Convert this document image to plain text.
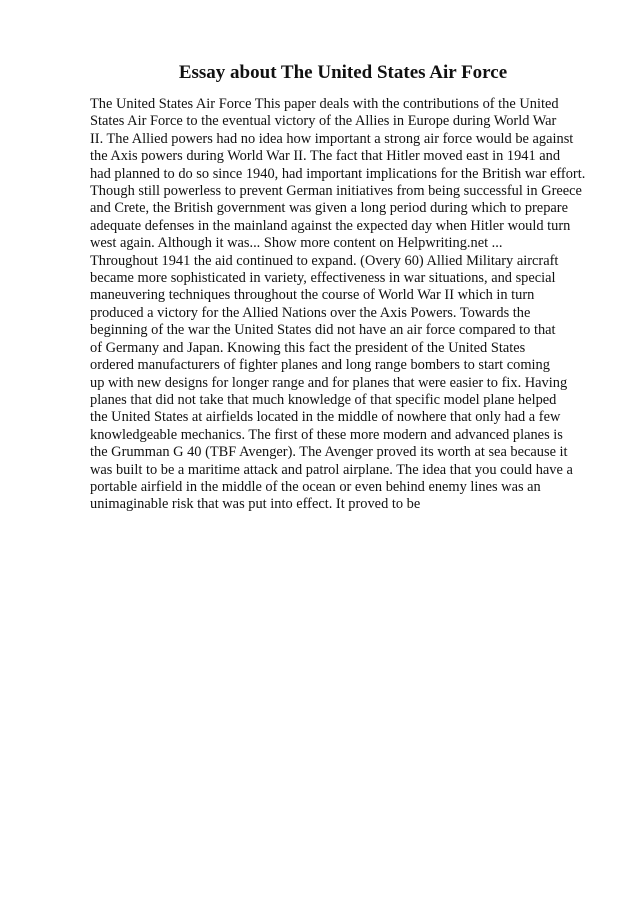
Essay about The United States Air Force
The United States Air Force This paper deals with the contributions of the United
States Air Force to the eventual victory of the Allies in Europe during World War
II. The Allied powers had no idea how important a strong air force would be against
the Axis powers during World War II. The fact that Hitler moved east in 1941 and
had planned to do so since 1940, had important implications for the British war effort.
Though still powerless to prevent German initiatives from being successful in Greece
and Crete, the British government was given a long period during which to prepare
adequate defenses in the mainland against the expected day when Hitler would turn
west again. Although it was... Show more content on Helpwriting.net ...
Throughout 1941 the aid continued to expand. (Overy 60) Allied Military aircraft
became more sophisticated in variety, effectiveness in war situations, and special
maneuvering techniques throughout the course of World War II which in turn
produced a victory for the Allied Nations over the Axis Powers. Towards the
beginning of the war the United States did not have an air force compared to that
of Germany and Japan. Knowing this fact the president of the United States
ordered manufacturers of fighter planes and long range bombers to start coming
up with new designs for longer range and for planes that were easier to fix. Having
planes that did not take that much knowledge of that specific model plane helped
the United States at airfields located in the middle of nowhere that only had a few
knowledgeable mechanics. The first of these more modern and advanced planes is
the Grumman G 40 (TBF Avenger). The Avenger proved its worth at sea because it
was built to be a maritime attack and patrol airplane. The idea that you could have a
portable airfield in the middle of the ocean or even behind enemy lines was an
unimaginable risk that was put into effect. It proved to be
